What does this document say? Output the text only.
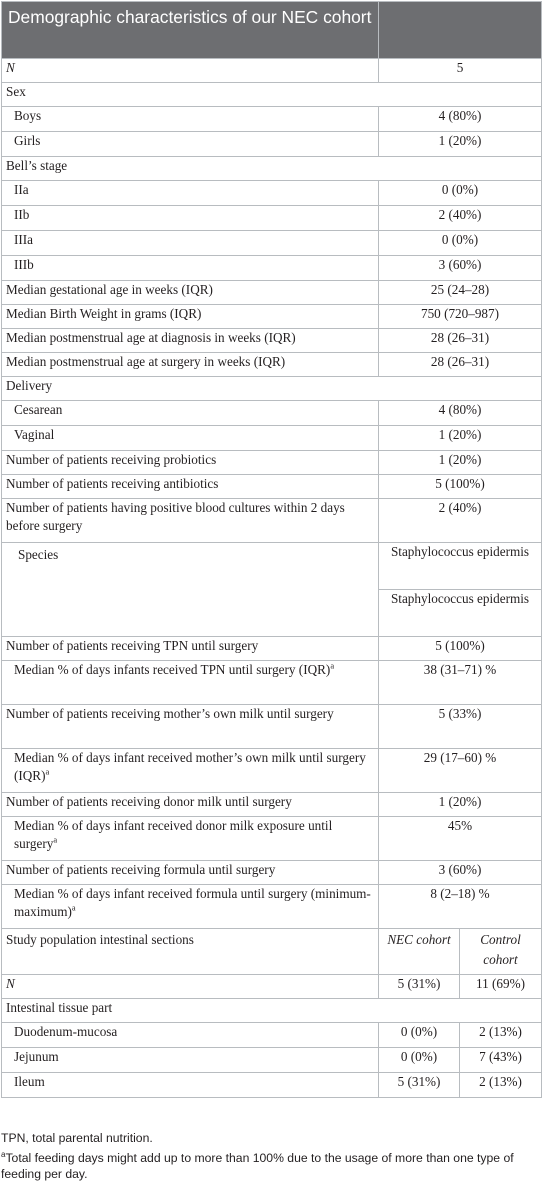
Demographic characteristics of our NEC cohort		
N	5	
Sex		
Boys	4 (80%)	
Girls	1 (20%)	
Bell’s stage		
IIa	0 (0%)	
IIb	2 (40%)	
IIIa	0 (0%)	
IIIb	3 (60%)	
Median gestational age in weeks (IQR)	25 (24–28)	
Median Birth Weight in grams (IQR)	750 (720–987)	
Median postmenstrual age at diagnosis in weeks (IQR)	28 (26–31)	
Median postmenstrual age at surgery in weeks (IQR)	28 (26–31)	
Delivery		
Cesarean	4 (80%)	
Vaginal	1 (20%)	
Number of patients receiving probiotics	1 (20%)	
Number of patients receiving antibiotics	5 (100%)	
Number of patients having positive blood cultures within 2 days before surgery	2 (40%)	
Species	Staphylococcus epidermis	
	Staphylococcus epidermis	
Number of patients receiving TPN until surgery	5 (100%)	
Median % of days infants received TPN until surgery (IQR)$^a$	38 (31–71) %	
Number of patients receiving mother’s own milk until surgery	5 (33%)	
Median % of days infant received mother’s own milk until surgery (IQR)$^a$	29 (17–60) %	
Number of patients receiving donor milk until surgery	1 (20%)	
Median % of days infant received donor milk exposure until surgery$^a$	45%	
Number of patients receiving formula until surgery	3 (60%)	
Median % of days infant received formula until surgery (minimum-maximum)$^a$	8 (2–18) %	
Study population intestinal sections	NEC cohort	Control cohort
N	5 (31%)	11 (69%)
Intestinal tissue part		
Duodenum-mucosa	0 (0%)	2 (13%)
Jejunum	0 (0%)	7 (43%)
Ileum	5 (31%)	2 (13%)
TPN, total parental nutrition.
$^a$Total feeding days might add up to more than 100% due to the usage of more than one type of feeding per day.
